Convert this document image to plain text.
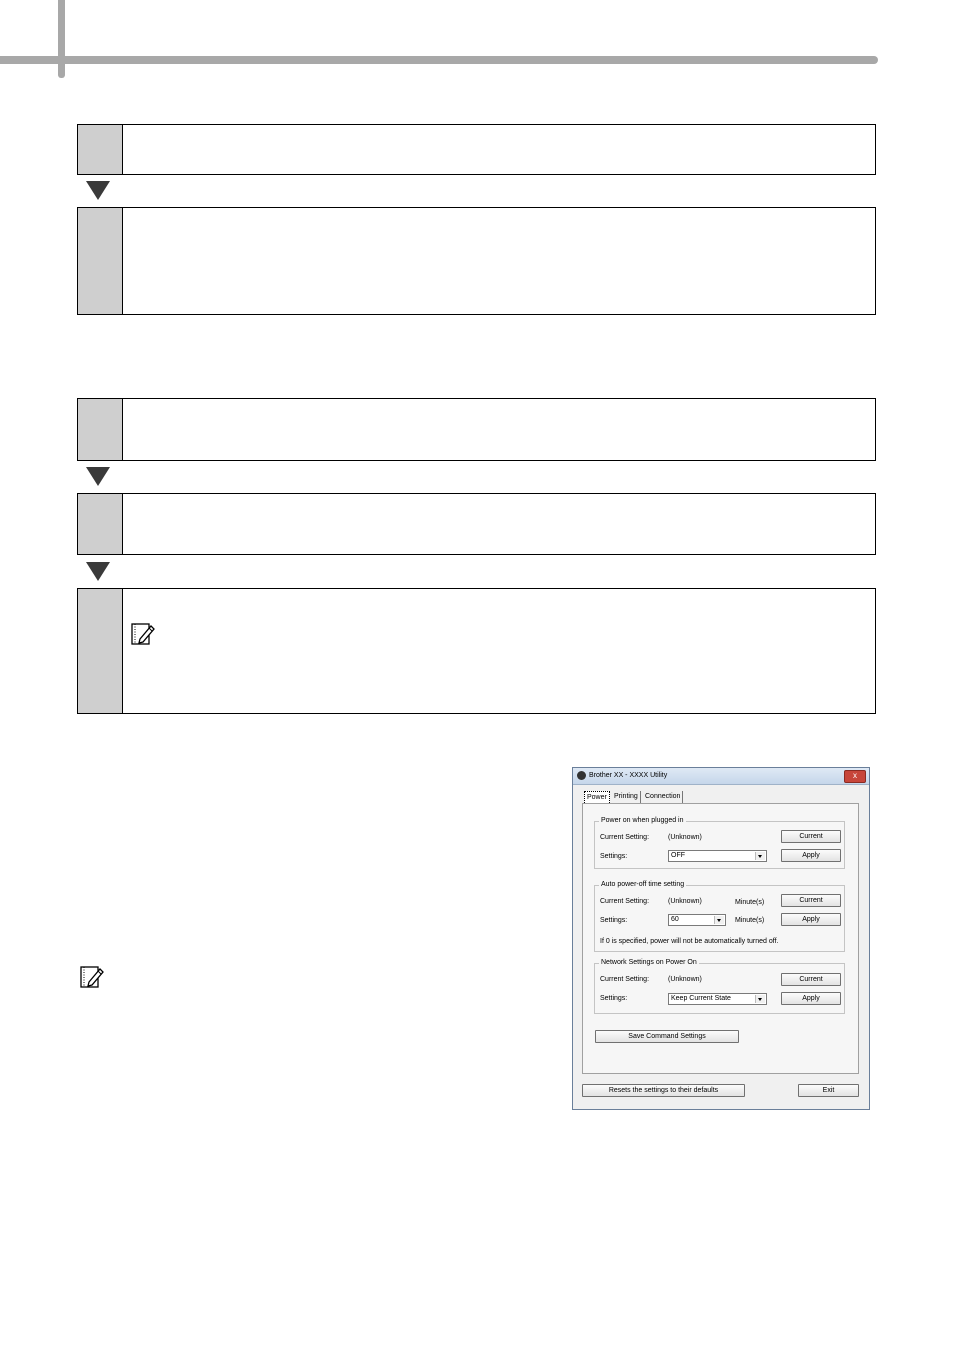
Brother XX - XXXX Utility	x
Power	Printing	Connection
Power on when plugged in
Current Setting:	(Unknown)	Current
Settings:	OFF	Apply
Auto power-off time setting
Current Setting:	(Unknown)	Minute(s)	Current
Settings:	60	Minute(s)	Apply
If 0 is specified, power will not be automatically turned off.
Network Settings on Power On
Current Setting:	(Unknown)	Current
Settings:	Keep Current State	Apply
Save Command Settings
Resets the settings to their defaults	Exit
